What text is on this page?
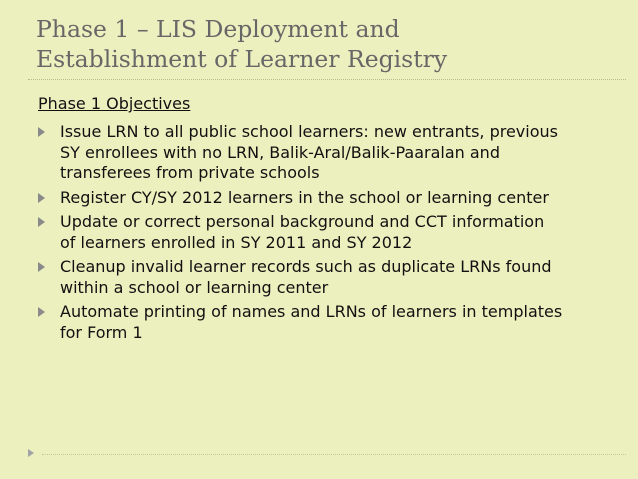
Phase 1 – LIS Deployment and
Establishment of Learner Registry
Phase 1 Objectives
Issue LRN to all public school learners: new entrants, previous
SY enrollees with no LRN, Balik-Aral/Balik-Paaralan and
transferees from private schools
Register CY/SY 2012 learners in the school or learning center
Update or correct personal background and CCT information
of learners enrolled in SY 2011 and SY 2012
Cleanup invalid learner records such as duplicate LRNs found
within a school or learning center
Automate printing of names and LRNs of learners in templates
for Form 1
